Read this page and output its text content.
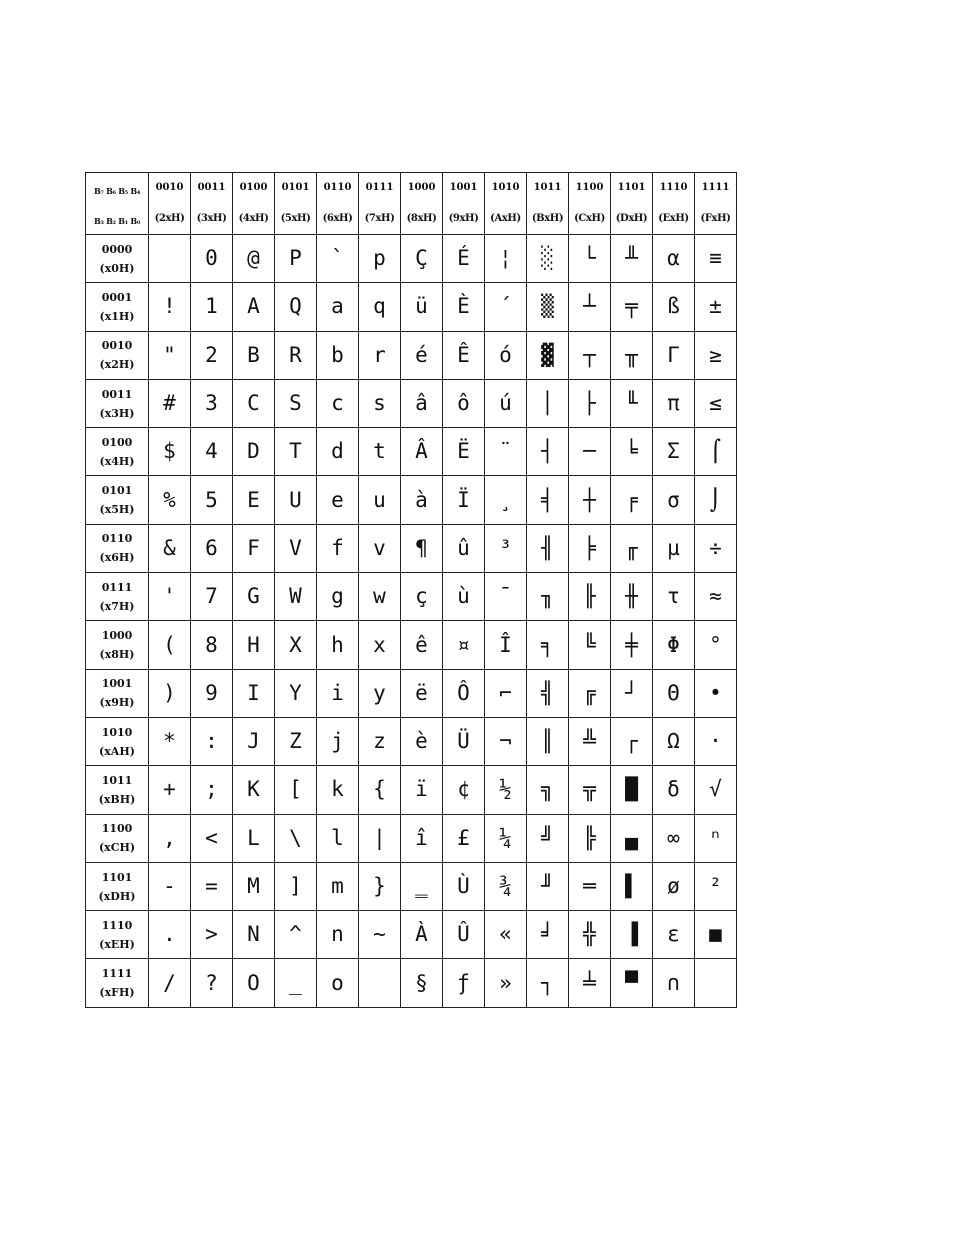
B₇ B₆ B₅ B₄	0010	0011	0100	0101	0110	0111	1000	1001	1010	1011	1100	1101	1110	1111
B₃ B₂ B₁ B₀	(2xH)	(3xH)	(4xH)	(5xH)	(6xH)	(7xH)	(8xH)	(9xH)	(AxH)	(BxH)	(CxH)	(DxH)	(ExH)	(FxH)

0000
(x0H)		0	@	P	`	p	Ç	É	¦	░	└	╨	α	≡

0001
(x1H)	!	1	A	Q	a	q	ü	È	´	▒	┴	╤	ß	±

0010
(x2H)	"	2	B	R	b	r	é	Ê	ó	▓	┬	╥	Γ	≥

0011
(x3H)	#	3	C	S	c	s	â	ô	ú	│	├	╙	π	≤

0100
(x4H)	$	4	D	T	d	t	Â	Ë	¨	┤	─	╘	Σ	⌠

0101
(x5H)	%	5	E	U	e	u	à	Ï	¸	╡	┼	╒	σ	⌡

0110
(x6H)	&	6	F	V	f	v	¶	û	³	╢	╞	╓	µ	÷

0111
(x7H)	'	7	G	W	g	w	ç	ù	¯	╖	╟	╫	τ	≈

1000
(x8H)	(	8	H	X	h	x	ê	¤	Î	╕	╚	╪	Φ	°

1001
(x9H)	)	9	I	Y	i	y	ë	Ô	⌐	╣	╔	┘	Θ	•

1010
(xAH)	*	:	J	Z	j	z	è	Ü	¬	║	╩	┌	Ω	·

1011
(xBH)	+	;	K	[	k	{	ï	¢	½	╗	╦	█	δ	√

1100
(xCH)	,	<	L	\	l	|	î	£	¼	╝	╠	▄	∞	ⁿ

1101
(xDH)	-	=	M	]	m	}	‗	Ù	¾	╜	═	▌	ø	²

1110
(xEH)	.	>	N	^	n	~	À	Û	«	╛	╬	▐	ε	■

1111
(xFH)	/	?	O	_	o		§	ƒ	»	┐	╧	▀	∩	
